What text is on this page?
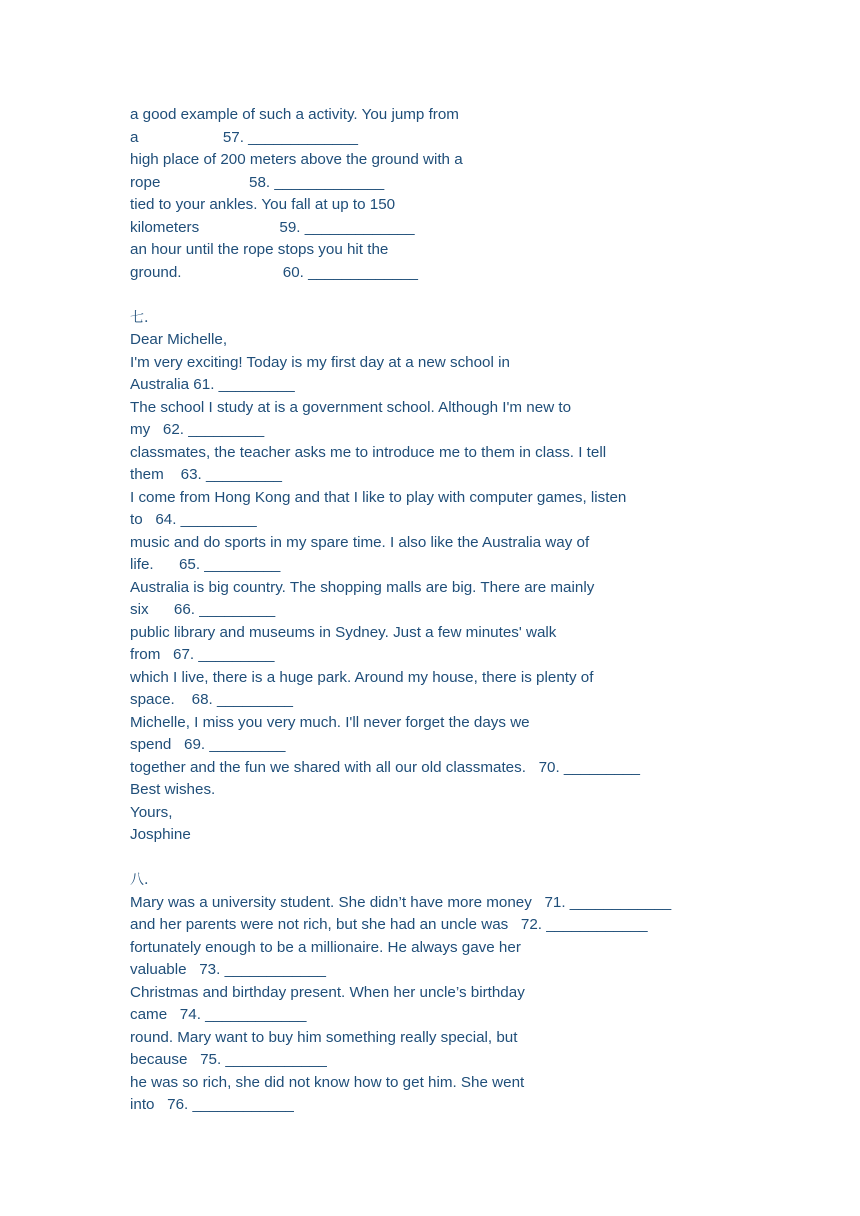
a good example of such a activity. You jump from
a                    57. _____________
high place of 200 meters above the ground with a
rope                     58. _____________
tied to your ankles. You fall at up to 150
kilometers                   59. _____________
an hour until the rope stops you hit the
ground.                        60. _____________
七.
Dear Michelle,
I'm very exciting! Today is my first day at a new school in
Australia 61. _________
The school I study at is a government school. Although I'm new to
my   62. _________
classmates, the teacher asks me to introduce me to them in class. I tell
them    63. _________
I come from Hong Kong and that I like to play with computer games, listen
to   64. _________
music and do sports in my spare time. I also like the Australia way of
life.      65. _________
Australia is big country. The shopping malls are big. There are mainly
six      66. _________
public library and museums in Sydney. Just a few minutes' walk
from   67. _________
which I live, there is a huge park. Around my house, there is plenty of
space.    68. _________
Michelle, I miss you very much. I'll never forget the days we
spend   69. _________
together and the fun we shared with all our old classmates.   70. _________
Best wishes.
Yours,
Josphine
八.
Mary was a university student. She didn’t have more money   71. ____________
and her parents were not rich, but she had an uncle was   72. ____________
fortunately enough to be a millionaire. He always gave her
valuable   73. ____________
Christmas and birthday present. When her uncle’s birthday
came   74. ____________
round. Mary want to buy him something really special, but
because   75. ____________
he was so rich, she did not know how to get him. She went
into   76. ____________
